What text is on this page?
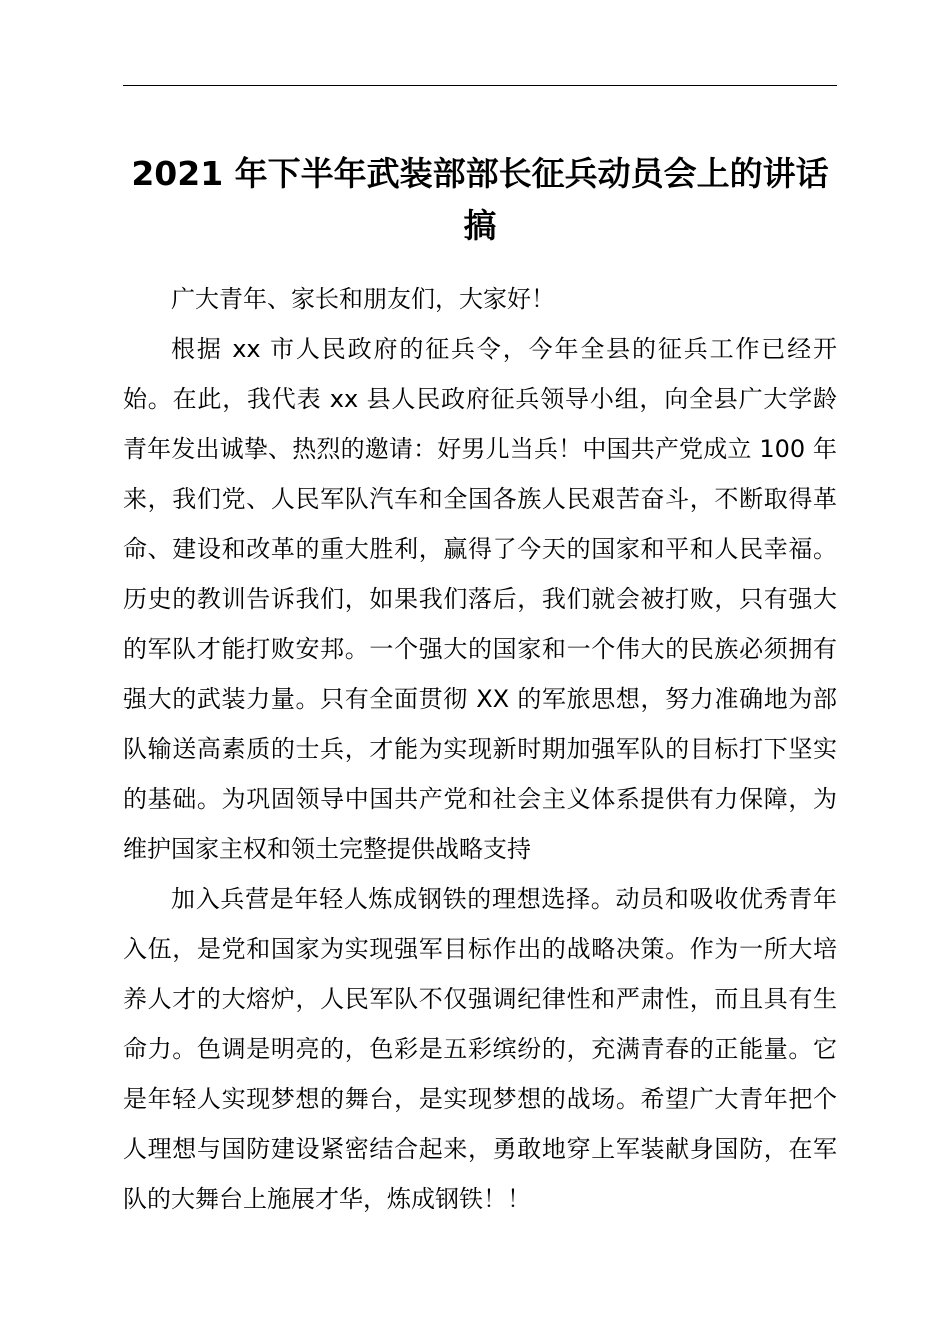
2021 年下半年武装部部长征兵动员会上的讲话搞

广大青年、家长和朋友们，大家好！

根据 xx 市人民政府的征兵令，今年全县的征兵工作已经开始。在此，我代表 xx 县人民政府征兵领导小组，向全县广大学龄青年发出诚挚、热烈的邀请：好男儿当兵！中国共产党成立 100 年来，我们党、人民军队汽车和全国各族人民艰苦奋斗，不断取得革命、建设和改革的重大胜利，赢得了今天的国家和平和人民幸福。历史的教训告诉我们，如果我们落后，我们就会被打败，只有强大的军队才能打败安邦。一个强大的国家和一个伟大的民族必须拥有强大的武装力量。只有全面贯彻 XX 的军旅思想，努力准确地为部队输送高素质的士兵，才能为实现新时期加强军队的目标打下坚实的基础。为巩固领导中国共产党和社会主义体系提供有力保障，为维护国家主权和领土完整提供战略支持

加入兵营是年轻人炼成钢铁的理想选择。动员和吸收优秀青年入伍，是党和国家为实现强军目标作出的战略决策。作为一所大培养人才的大熔炉，人民军队不仅强调纪律性和严肃性，而且具有生命力。色调是明亮的，色彩是五彩缤纷的，充满青春的正能量。它是年轻人实现梦想的舞台，是实现梦想的战场。希望广大青年把个人理想与国防建设紧密结合起来，勇敢地穿上军装献身国防，在军队的大舞台上施展才华，炼成钢铁！！
